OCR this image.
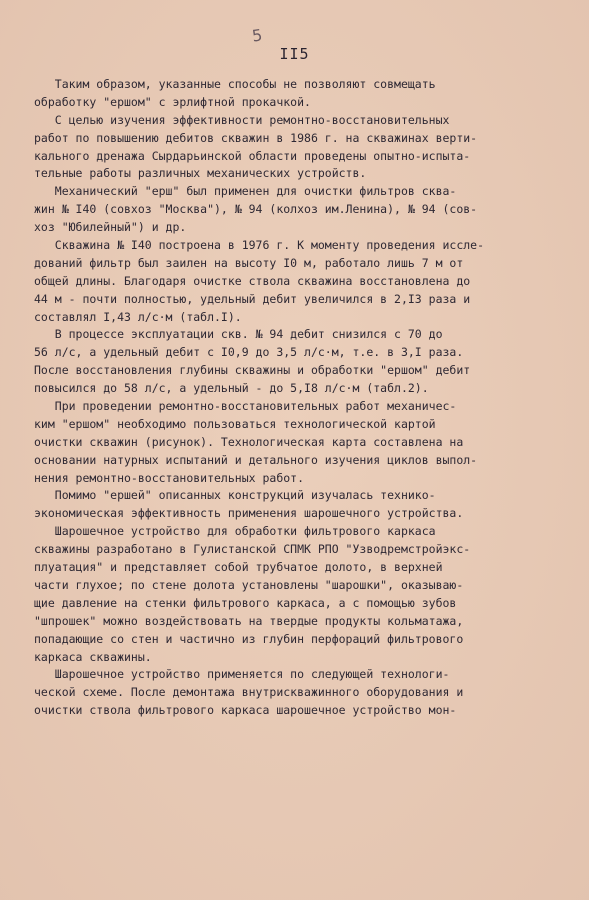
5
II5
Таким образом, указанные способы не позволяют совмещать
обработку "ершом" с эрлифтной прокачкой.
С целью изучения эффективности ремонтно-восстановительных
работ по повышению дебитов скважин в 1986 г. на скважинах верти-
кального дренажа Сырдарьинской области проведены опытно-испыта-
тельные работы различных механических устройств.
Механический "ерш" был применен для очистки фильтров сква-
жин № I40 (совхоз "Москва"), № 94 (колхоз им.Ленина), № 94 (сов-
хоз "Юбилейный") и др.
Скважина № I40 построена в 1976 г. К моменту проведения иссле-
дований фильтр был заилен на высоту I0 м, работало лишь 7 м от
общей длины. Благодаря очистке ствола скважина восстановлена до
44 м - почти полностью, удельный дебит увеличился в 2,I3 раза и
составлял I,43 л/с·м (табл.I).
В процессе эксплуатации скв. № 94 дебит снизился с 70 до
56 л/с, а удельный дебит с I0,9 до 3,5 л/с·м, т.е. в 3,I раза.
После восстановления глубины скважины и обработки "ершом" дебит
повысился до 58 л/с, а удельный - до 5,I8 л/с·м (табл.2).
При проведении ремонтно-восстановительных работ механичес-
ким "ершом" необходимо пользоваться технологической картой
очистки скважин (рисунок). Технологическая карта составлена на
основании натурных испытаний и детального изучения циклов выпол-
нения ремонтно-восстановительных работ.
Помимо "ершей" описанных конструкций изучалась технико-
экономическая эффективность применения шарошечного устройства.
Шарошечное устройство для обработки фильтрового каркаса
скважины разработано в Гулистанской СПМК РПО "Узводремстройэкс-
плуатация" и представляет собой трубчатое долото, в верхней
части глухое; по стене долота установлены "шарошки", оказываю-
щие давление на стенки фильтрового каркаса, а с помощью зубов
"шпрошек" можно воздействовать на твердые продукты кольматажа,
попадающие со стен и частично из глубин перфораций фильтрового
каркаса скважины.
Шарошечное устройство применяется по следующей технологи-
ческой схеме. После демонтажа внутрискважинного оборудования и
очистки ствола фильтрового каркаса шарошечное устройство мон-
